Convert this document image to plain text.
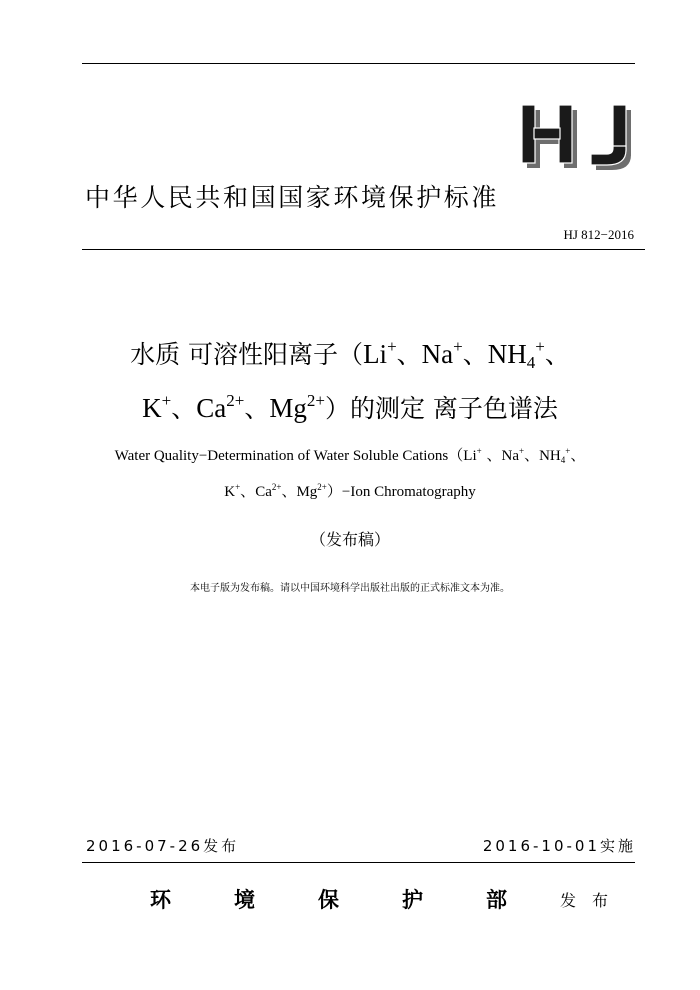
HJ
中华人民共和国国家环境保护标准
HJ 812−2016
水质 可溶性阳离子（Li+、Na+、$NH_4^+$、
K+、$Ca^{2+}$、$Mg^{2+}$）的测定 离子色谱法
Water Quality−Determination of Water Soluble Cations（Li+ 、Na+、$NH_4^+$、
K+、$Ca^{2+}$、$Mg^{2+})-Ion$ Chromatography
（发布稿）
本电子版为发布稿。请以中国环境科学出版社出版的正式标准文本为准。
2016-07-26发布	2016-10-01实施
环	境	保	护	部	发 布
